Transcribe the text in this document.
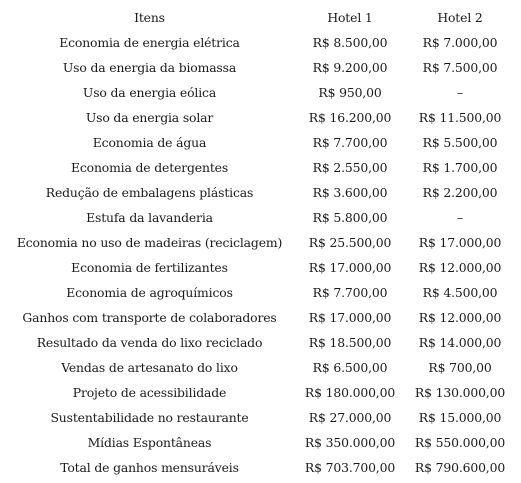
Itens	Hotel 1	Hotel 2
Economia de energia elétrica	R$ 8.500,00	R$ 7.000,00
Uso da energia da biomassa	R$ 9.200,00	R$ 7.500,00
Uso da energia eólica	R$ 950,00	–
Uso da energia solar	R$ 16.200,00	R$ 11.500,00
Economia de água	R$ 7.700,00	R$ 5.500,00
Economia de detergentes	R$ 2.550,00	R$ 1.700,00
Redução de embalagens plásticas	R$ 3.600,00	R$ 2.200,00
Estufa da lavanderia	R$ 5.800,00	–
Economia no uso de madeiras (reciclagem)	R$ 25.500,00	R$ 17.000,00
Economia de fertilizantes	R$ 17.000,00	R$ 12.000,00
Economia de agroquímicos	R$ 7.700,00	R$ 4.500,00
Ganhos com transporte de colaboradores	R$ 17.000,00	R$ 12.000,00
Resultado da venda do lixo reciclado	R$ 18.500,00	R$ 14.000,00
Vendas de artesanato do lixo	R$ 6.500,00	R$ 700,00
Projeto de acessibilidade	R$ 180.000,00	R$ 130.000,00
Sustentabilidade no restaurante	R$ 27.000,00	R$ 15.000,00
Mídias Espontâneas	R$ 350.000,00	R$ 550.000,00
Total de ganhos mensuráveis	R$ 703.700,00	R$ 790.600,00
